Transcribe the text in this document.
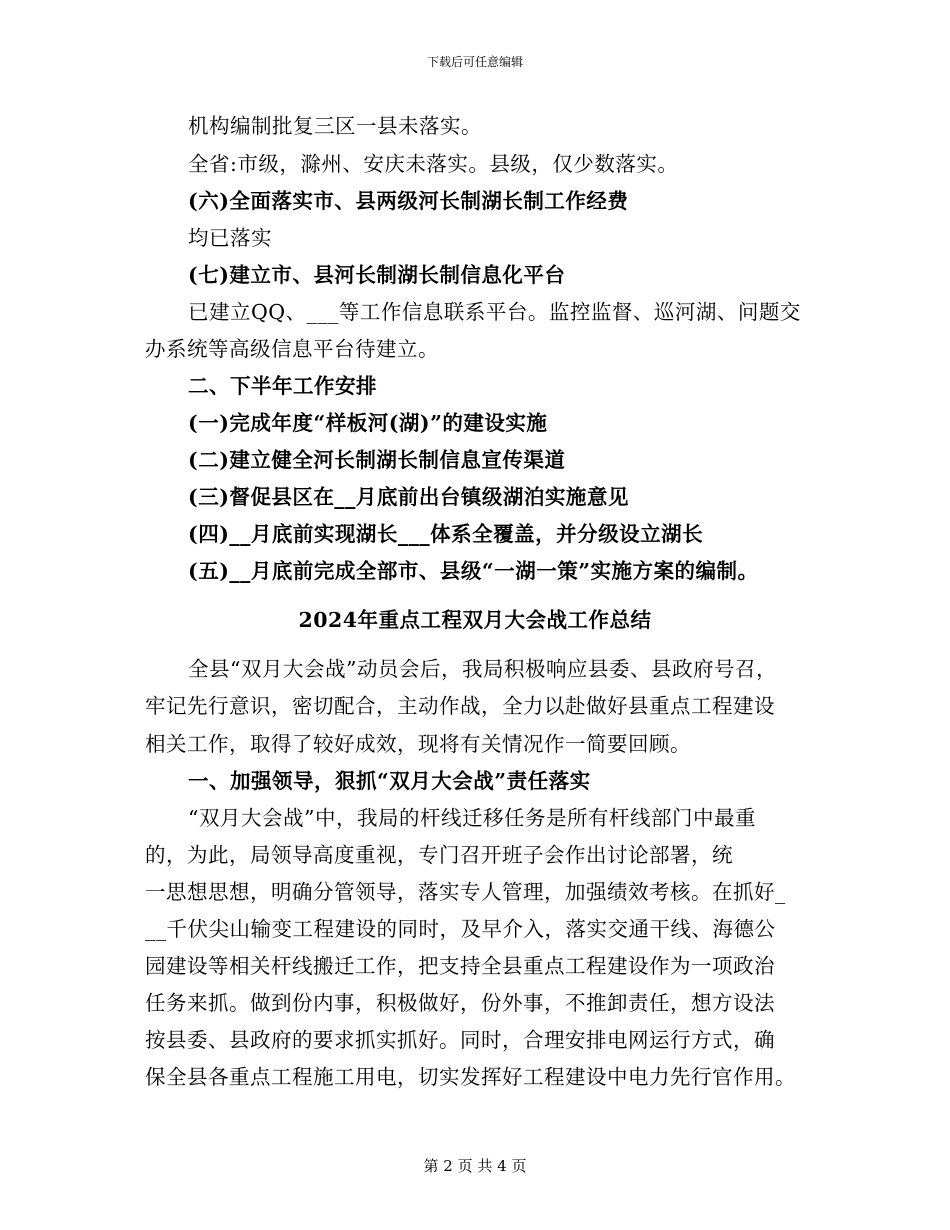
下载后可任意编辑
机构编制批复三区一县未落实。
全省:市级，滁州、安庆未落实。县级，仅少数落实。
(六)全面落实市、县两级河长制湖长制工作经费
均已落实
(七)建立市、县河长制湖长制信息化平台
已建立QQ、___等工作信息联系平台。监控监督、巡河湖、问题交
办系统等高级信息平台待建立。
二、下半年工作安排
(一)完成年度“样板河(湖)”的建设实施
(二)建立健全河长制湖长制信息宣传渠道
(三)督促县区在__月底前出台镇级湖泊实施意见
(四)__月底前实现湖长___体系全覆盖，并分级设立湖长
(五)__月底前完成全部市、县级“一湖一策”实施方案的编制。
2024年重点工程双月大会战工作总结
全县“双月大会战”动员会后，我局积极响应县委、县政府号召，
牢记先行意识，密切配合，主动作战，全力以赴做好县重点工程建设
相关工作，取得了较好成效，现将有关情况作一简要回顾。
一、加强领导，狠抓“双月大会战”责任落实
“双月大会战”中，我局的杆线迁移任务是所有杆线部门中最重
的，为此，局领导高度重视，专门召开班子会作出讨论部署，统
一思想思想，明确分管领导，落实专人管理，加强绩效考核。在抓好_
__千伏尖山输变工程建设的同时，及早介入，落实交通干线、海德公
园建设等相关杆线搬迁工作，把支持全县重点工程建设作为一项政治
任务来抓。做到份内事，积极做好，份外事，不推卸责任，想方设法
按县委、县政府的要求抓实抓好。同时，合理安排电网运行方式，确
保全县各重点工程施工用电，切实发挥好工程建设中电力先行官作用。
第 2 页 共 4 页
